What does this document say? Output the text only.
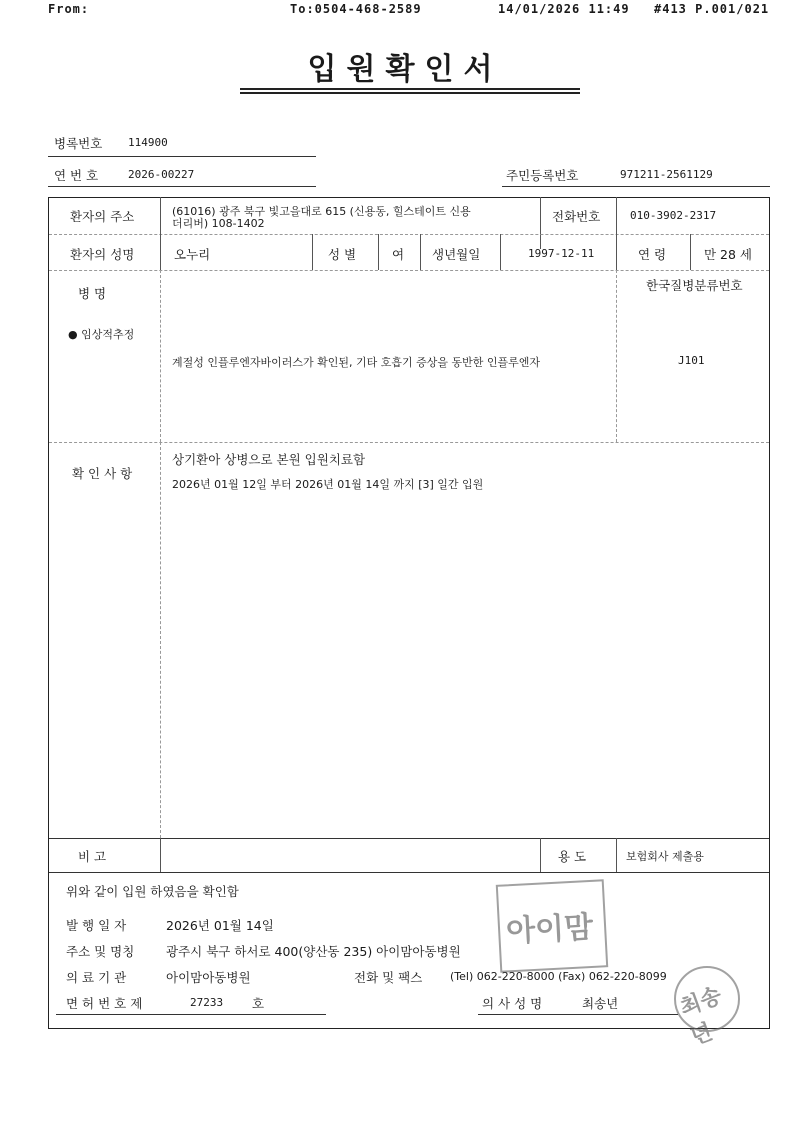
From:	To:0504-468-2589	14/01/2026 11:49 #413 P.001/021
입원확인서
병록번호 114900
연 번 호	2026-00227	주민등록번호	971211-2561129
환자의 주소	(61016) 광주 북구 빛고을대로 615 (신용동, 힐스테이트 신용
더리버) 108-1402	전화번호	010-3902-2317
환자의 성명	오누리	성 별	여 생년월일	1997-12-11	연 령	만 28 세
병 명
한국질병분류번호
● 임상적추정
계절성 인플루엔자바이러스가 확인된, 기타 호흡기 증상을 동반한 인플루엔자	J101
확 인 사 항
상기환아 상병으로 본원 입원치료함
2026년 01월 12일 부터 2026년 01월 14일 까지 [3] 일간 입원
비 고	용 도	보험회사 제출용
위와 같이 입원 하였음을 확인함
발 행 일 자	2026년 01월 14일
주소 및 명칭	광주시 북구 하서로 400(양산동 235) 아이맘아동병원
의 료 기 관	아이맘아동병원	전화 및 팩스	(Tel) 062-220-8000 (Fax) 062-220-8099
면 허 번 호 제	27233 호	의 사 성 명	최송년
아이맘
최송년
